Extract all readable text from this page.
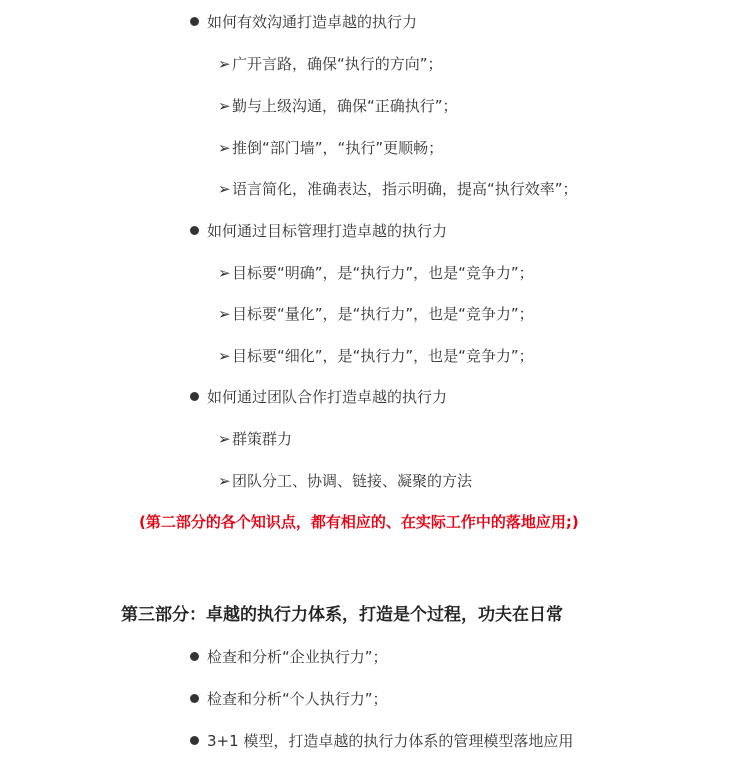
如何有效沟通打造卓越的执行力
➢广开言路，确保“执行的方向”；
➢勤与上级沟通，确保“正确执行”；
➢推倒“部门墙”，“执行”更顺畅；
➢语言简化，准确表达，指示明确，提高“执行效率”；
如何通过目标管理打造卓越的执行力
➢目标要“明确”，是“执行力”，也是“竞争力”；
➢目标要“量化”，是“执行力”，也是“竞争力”；
➢目标要“细化”，是“执行力”，也是“竞争力”；
如何通过团队合作打造卓越的执行力
➢群策群力
➢团队分工、协调、链接、凝聚的方法
(第二部分的各个知识点，都有相应的、在实际工作中的落地应用;)
第三部分：卓越的执行力体系，打造是个过程，功夫在日常
检查和分析“企业执行力”；
检查和分析“个人执行力”；
3+1 模型，打造卓越的执行力体系的管理模型落地应用
